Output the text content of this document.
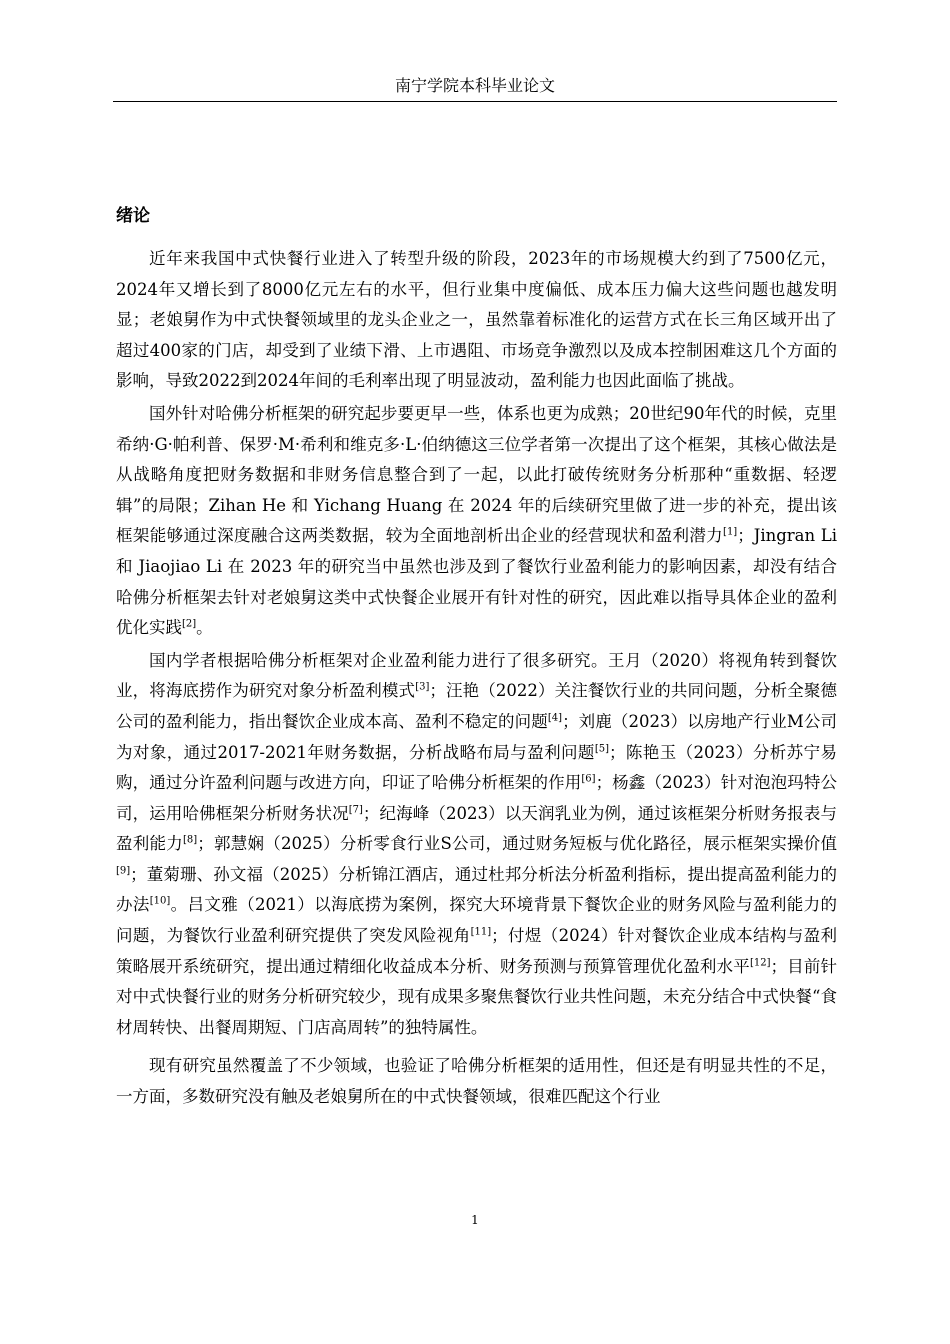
南宁学院本科毕业论文
绪论

近年来我国中式快餐行业进入了转型升级的阶段，2023年的市场规模大约到了7500亿元，2024年又增长到了8000亿元左右的水平，但行业集中度偏低、成本压力偏大这些问题也越发明显；老娘舅作为中式快餐领域里的龙头企业之一，虽然靠着标准化的运营方式在长三角区域开出了超过400家的门店，却受到了业绩下滑、上市遇阻、市场竞争激烈以及成本控制困难这几个方面的影响，导致2022到2024年间的毛利率出现了明显波动，盈利能力也因此面临了挑战。

国外针对哈佛分析框架的研究起步要更早一些，体系也更为成熟；20世纪90年代的时候，克里希纳·G·帕利普、保罗·M·希利和维克多·L·伯纳德这三位学者第一次提出了这个框架，其核心做法是从战略角度把财务数据和非财务信息整合到了一起，以此打破传统财务分析那种“重数据、轻逻辑”的局限；Zihan He 和 Yichang Huang 在 2024 年的后续研究里做了进一步的补充，提出该框架能够通过深度融合这两类数据，较为全面地剖析出企业的经营现状和盈利潜力[1]；Jingran Li 和 Jiaojiao Li 在 2023 年的研究当中虽然也涉及到了餐饮行业盈利能力的影响因素，却没有结合哈佛分析框架去针对老娘舅这类中式快餐企业展开有针对性的研究，因此难以指导具体企业的盈利优化实践[2]。

国内学者根据哈佛分析框架对企业盈利能力进行了很多研究。王月（2020）将视角转到餐饮业，将海底捞作为研究对象分析盈利模式[3]；汪艳（2022）关注餐饮行业的共同问题，分析全聚德公司的盈利能力，指出餐饮企业成本高、盈利不稳定的问题[4]；刘鹿（2023）以房地产行业M公司为对象，通过2017-2021年财务数据，分析战略布局与盈利问题[5]；陈艳玉（2023）分析苏宁易购，通过分许盈利问题与改进方向，印证了哈佛分析框架的作用[6]；杨鑫（2023）针对泡泡玛特公司，运用哈佛框架分析财务状况[7]；纪海峰（2023）以天润乳业为例，通过该框架分析财务报表与盈利能力[8]；郭慧娴（2025）分析零食行业S公司，通过财务短板与优化路径，展示框架实操价值[9]；董菊珊、孙文福（2025）分析锦江酒店，通过杜邦分析法分析盈利指标，提出提高盈利能力的办法[10]。吕文雅（2021）以海底捞为案例，探究大环境背景下餐饮企业的财务风险与盈利能力的问题，为餐饮行业盈利研究提供了突发风险视角[11]；付煜（2024）针对餐饮企业成本结构与盈利策略展开系统研究，提出通过精细化收益成本分析、财务预测与预算管理优化盈利水平[12]；目前针对中式快餐行业的财务分析研究较少，现有成果多聚焦餐饮行业共性问题，未充分结合中式快餐“食材周转快、出餐周期短、门店高周转”的独特属性。

现有研究虽然覆盖了不少领域，也验证了哈佛分析框架的适用性，但还是有明显共性的不足，一方面，多数研究没有触及老娘舅所在的中式快餐领域，很难匹配这个行业

1
